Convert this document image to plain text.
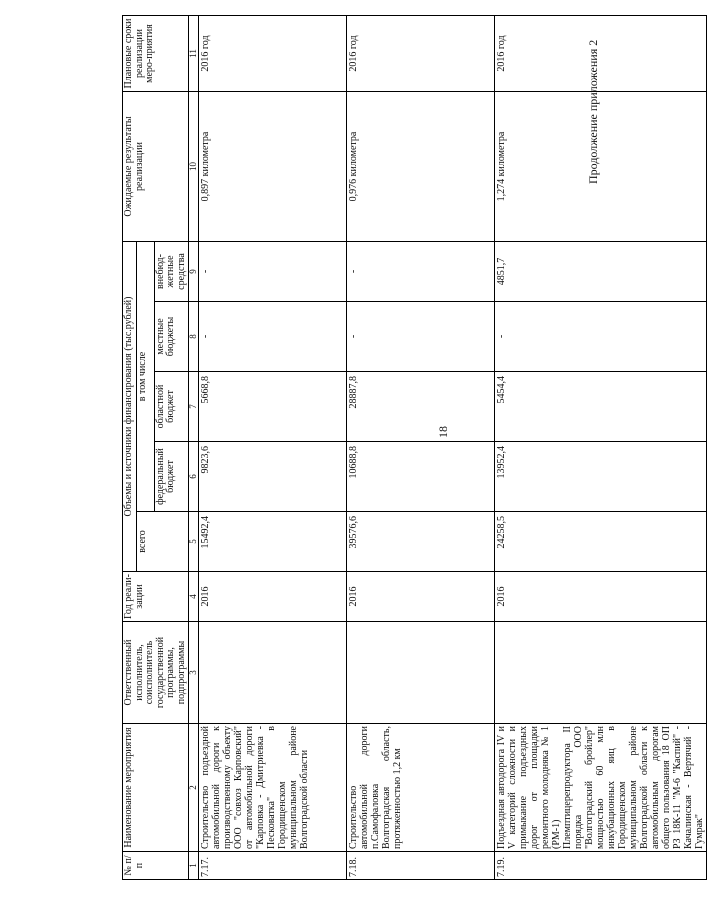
18
Продолжение приложения 2
№ п/п	Наименование мероприятия	Ответственный исполнитель, соисполнитель государственной программы, подпрограммы	Год реали-зации	Объемы и источники финансирования (тыс.рублей)					Ожидаемые результаты реализации	Плановые сроки реализации меро-приятия
				всего	в том числе					
					федеральный бюджет	областной бюджет	местные бюджеты	внебюд-жетные средства		
1	2	3	4	5	6	7	8	9	10	11
7.17.	Строительство подъездной автомобильной дороги к производственному объекту ООО "совхоз Карповский" от автомобильной дороги "Карповка - Дмитриевка - Песковатка" в Городищенском муниципальном районе Волгоградской области		2016	15492,4	9823,6	5668,8	-	-	0,897 километра	2016 год
7.18.	Строительство автомобильной дороги п.Самофаловка Волгоградская область, протяженностью 1,2 км		2016	39576,6	10688,8	28887,8	-	-	0,976 километра	2016 год
7.19.	Подъездная автодорога IV и V категорий сложности и примыкание подъездных дорог от площадки ремонтного молодняка № 1 (РМ-1) Племптицерепродуктора II порядка ООО "Волгоградский бройлер" мощностью 60 млн инкубационных яиц в Городищенском муниципальном районе Волгоградской области к автомобильным дорогам общего пользования 18 ОП РЗ 18К-11 "М-6 "Каспий" - Качалинская - Вертячий - Гумрак"		2016	24258,5	13952,4	5454,4	-	4851,7	1,274 километра	2016 год
